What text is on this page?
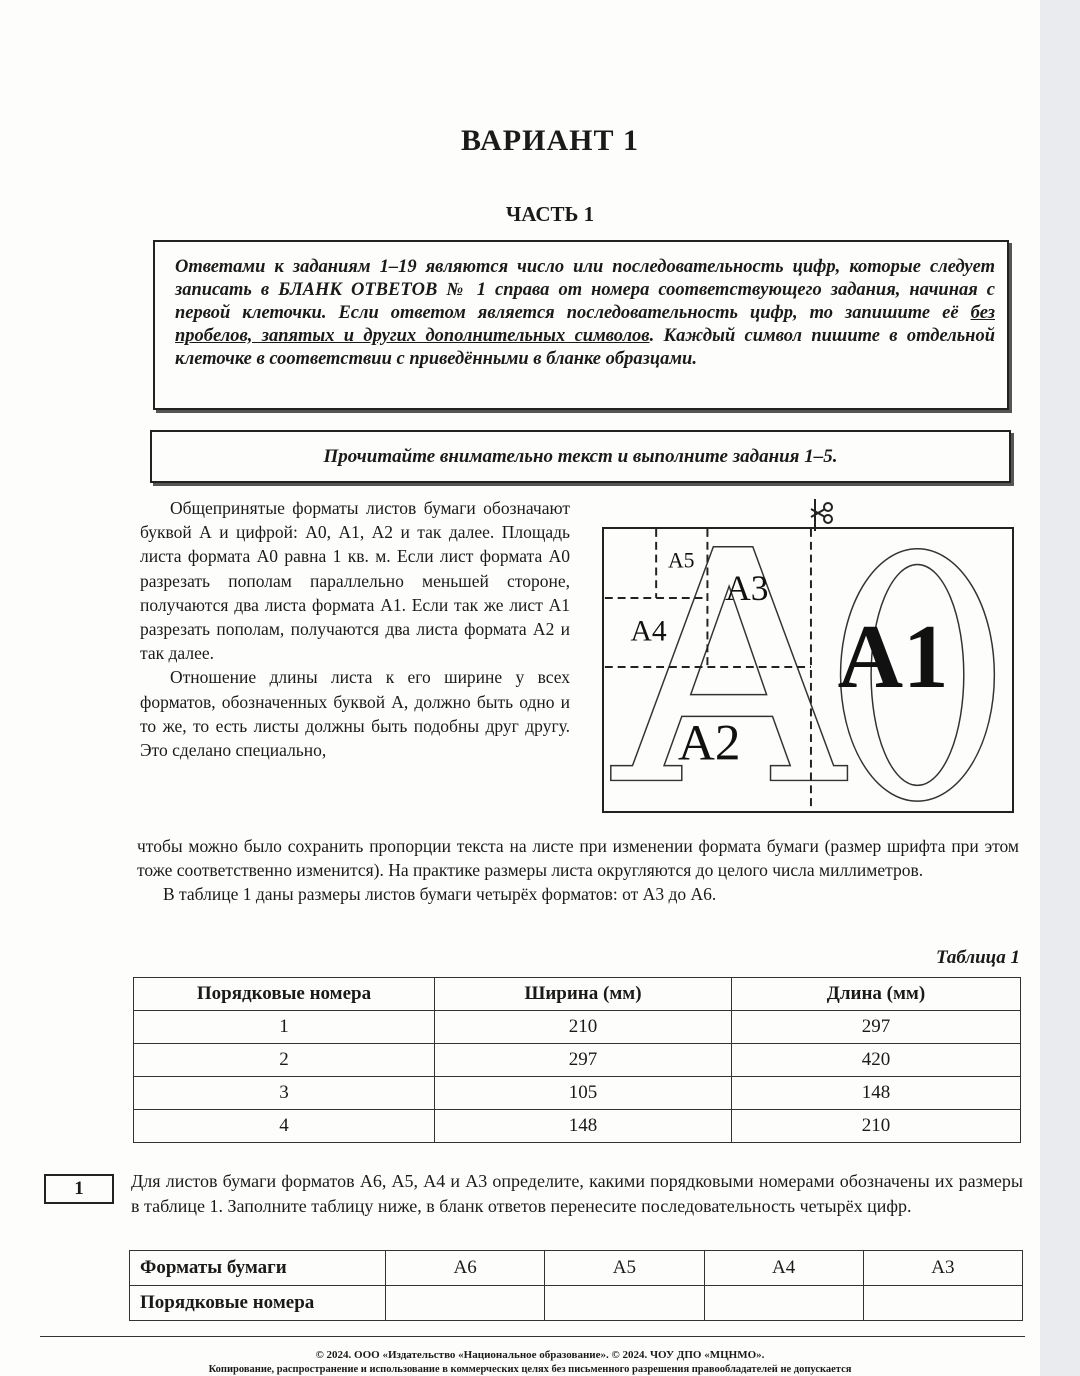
ВАРИАНТ 1
ЧАСТЬ 1
Ответами к заданиям 1–19 являются число или последовательность цифр, которые следует записать в БЛАНК ОТВЕТОВ № 1 справа от номера соответствующего задания, начиная с первой клеточки. Если ответом является последовательность цифр, то запишите её без пробелов, запятых и других дополнительных символов. Каждый символ пишите в отдельной клеточке в соответствии с приведёнными в бланке образцами.
Прочитайте внимательно текст и выполните задания 1–5.

Общепринятые форматы листов бумаги обозначают буквой А и цифрой: А0, А1, А2 и так далее. Площадь листа формата А0 равна 1 кв. м. Если лист формата А0 разрезать пополам параллельно меньшей стороне, получаются два листа формата А1. Если так же лист А1 разрезать пополам, получаются два листа формата А2 и так далее.

Отношение длины листа к его ширине у всех форматов, обозначенных буквой А, должно быть одно и то же, то есть листы должны быть подобны друг другу. Это сделано специально,

A5
A3
A4
A2
A1

чтобы можно было сохранить пропорции текста на листе при изменении формата бумаги (размер шрифта при этом тоже соответственно изменится). На практике размеры листа округляются до целого числа миллиметров.

В таблице 1 даны размеры листов бумаги четырёх форматов: от А3 до А6.

Таблица 1
Порядковые номера	Ширина (мм)	Длина (мм)
1	210	297
2	297	420
3	105	148
4	148	210
1	Для листов бумаги форматов А6, А5, А4 и А3 определите, какими порядковыми номерами обозначены их размеры в таблице 1. Заполните таблицу ниже, в бланк ответов перенесите последовательность четырёх цифр.
Форматы бумаги	А6	А5	А4	А3
Порядковые номера				
© 2024. ООО «Издательство «Национальное образование». © 2024. ЧОУ ДПО «МЦНМО».
Копирование, распространение и использование в коммерческих целях без письменного разрешения правообладателей не допускается
